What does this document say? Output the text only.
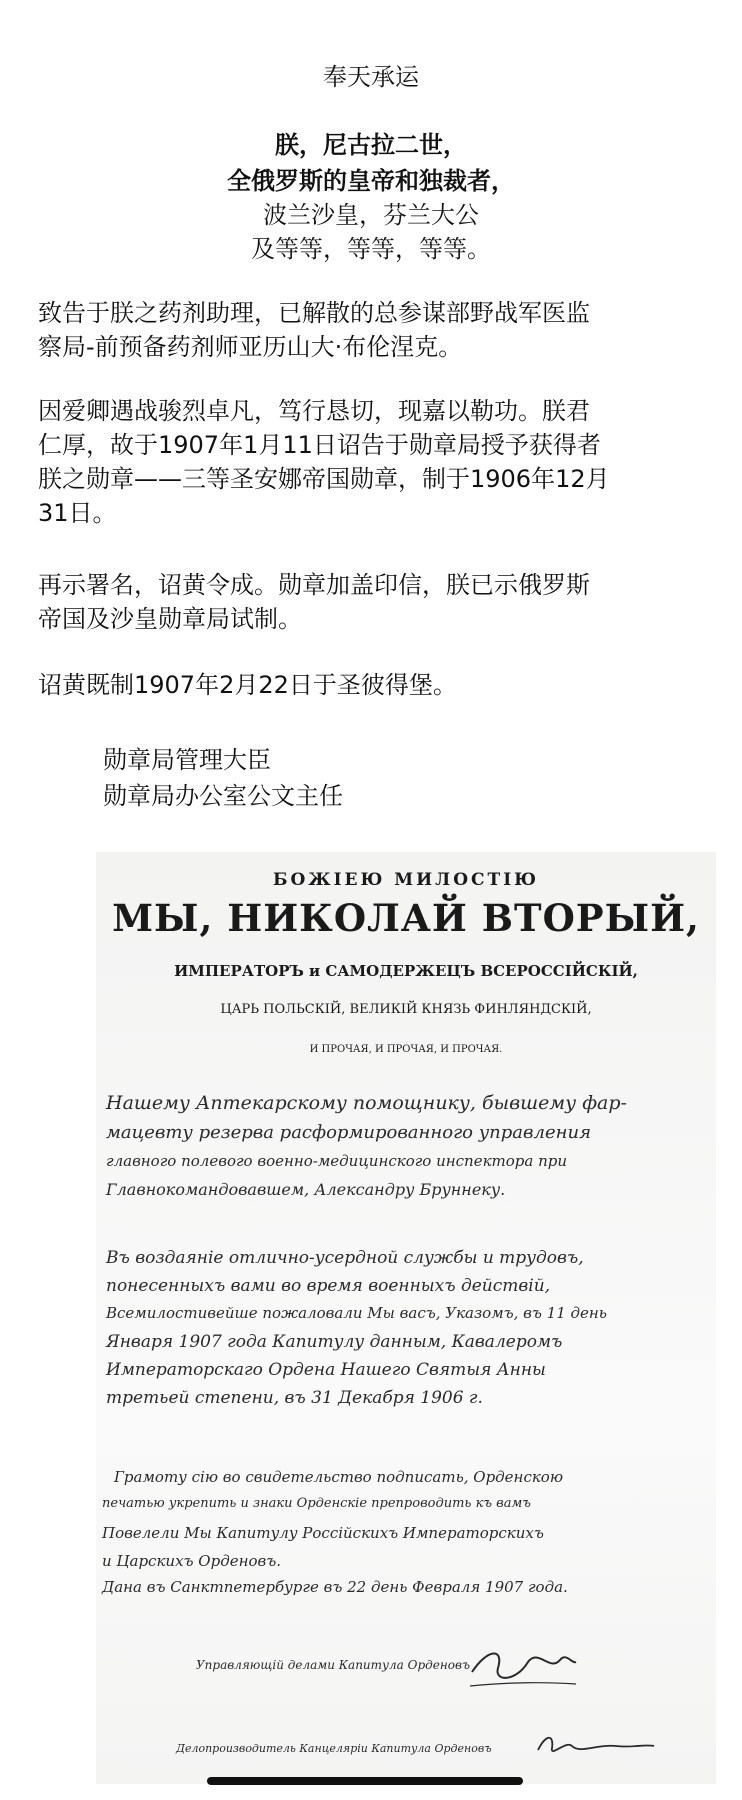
奉天承运
朕，尼古拉二世，
全俄罗斯的皇帝和独裁者，
波兰沙皇，芬兰大公
及等等，等等，等等。
致告于朕之药剂助理，已解散的总参谋部野战军医监
察局-前预备药剂师亚历山大·布伦涅克。
因爱卿遇战骏烈卓凡，笃行恳切，现嘉以勒功。朕君
仁厚，故于1907年1月11日诏告于勋章局授予获得者
朕之勋章——三等圣安娜帝国勋章，制于1906年12月
31日。
再示署名，诏黄令成。勋章加盖印信，朕已示俄罗斯
帝国及沙皇勋章局试制。
诏黄既制1907年2月22日于圣彼得堡。
勋章局管理大臣
勋章局办公室公文主任
БОЖІЕЮ МИЛОСТІЮ
МЫ, НИКОЛАЙ ВТОРЫЙ,
ИМПЕРАТОРЪ и САМОДЕРЖЕЦЪ ВСЕРОССІЙСКІЙ,
ЦАРЬ ПОЛЬСКІЙ, ВЕЛИКІЙ КНЯЗЬ ФИНЛЯНДСКІЙ,
И ПРОЧАЯ, И ПРОЧАЯ, И ПРОЧАЯ.
Нашему Аптекарскому помощнику, бывшему фар-
мацевту резерва расформированного управления
главного полевого военно-медицинского инспектора при
Главнокомандовавшем, Александру Бруннеку.
Въ воздаяніе отлично-усердной службы и трудовъ,
понесенныхъ вами во время военныхъ действій,
Всемилостивейше пожаловали Мы васъ, Указомъ, въ 11 день
Января 1907 года Капитулу данным, Кавалеромъ
Императорскаго Ордена Нашего Святыя Анны
третьей степени, въ 31 Декабря 1906 г.
Грамоту сію во свидетельство подписать, Орденскою
печатью укрепить и знаки Орденскіе препроводить къ вамъ
Повелели Мы Капитулу Россійскихъ Императорскихъ
и Царскихъ Орденовъ.
Дана въ Санктпетербурге въ 22 день Февраля 1907 года.
Управляющій делами Капитула Орденовъ
Делопроизводитель Канцеляріи Капитула Орденовъ
